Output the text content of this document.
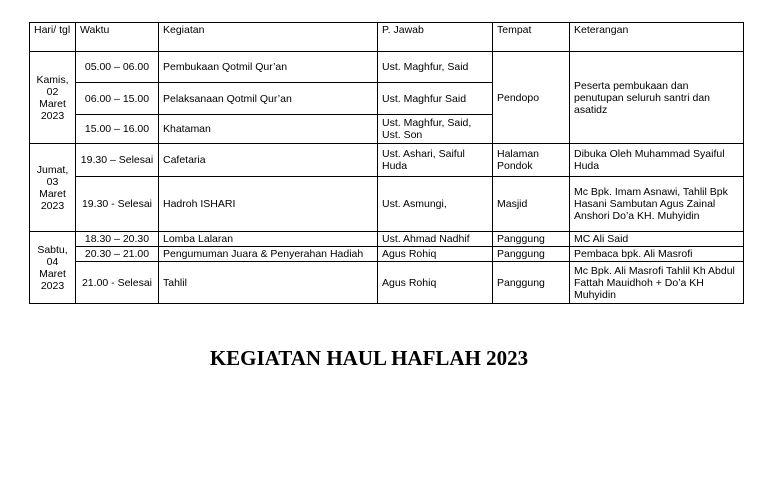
Hari/ tgl	Waktu	Kegiatan	P. Jawab	Tempat	Keterangan
Kamis, 02 Maret 2023	05.00 – 06.00	Pembukaan Qotmil Qur’an	Ust. Maghfur, Said	Pendopo	Peserta pembukaan dan penutupan seluruh santri dan asatidz
	06.00 – 15.00	Pelaksanaan Qotmil Qur’an	Ust. Maghfur Said		
	15.00 – 16.00	Khataman	Ust. Maghfur, Said, Ust. Son		
Jumat, 03 Maret 2023	19.30 – Selesai	Cafetaria	Ust. Ashari, Saiful Huda	Halaman Pondok	Dibuka Oleh Muhammad Syaiful Huda
	19.30 - Selesai	Hadroh ISHARI	Ust. Asmungi,	Masjid	Mc Bpk. Imam Asnawi, Tahlil Bpk Hasani Sambutan Agus Zainal Anshori Do’a KH. Muhyidin
Sabtu, 04 Maret 2023	18.30 – 20.30	Lomba Lalaran	Ust. Ahmad Nadhif	Panggung	MC Ali Said
	20.30 – 21.00	Pengumuman Juara & Penyerahan Hadiah	Agus Rohiq	Panggung	Pembaca bpk. Ali Masrofi
	21.00 - Selesai	Tahlil	Agus Rohiq	Panggung	Mc Bpk. Ali Masrofi Tahlil Kh Abdul Fattah Mauidhoh + Do’a KH Muhyidin
KEGIATAN HAUL HAFLAH 2023
